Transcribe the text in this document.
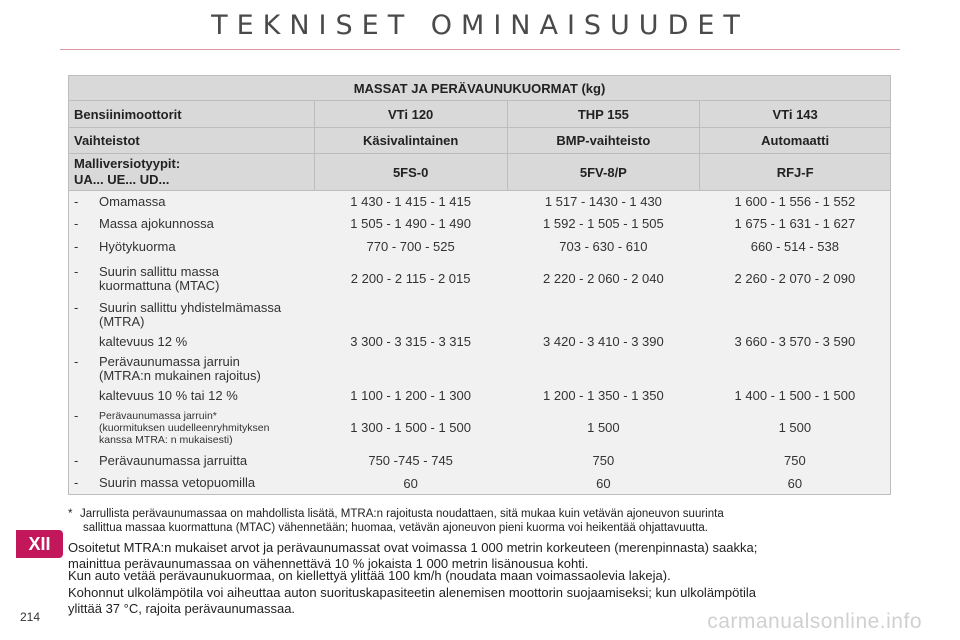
TEKNISET OMINAISUUDET
MASSAT JA PERÄVAUNUKUORMAT (kg)			
Bensiinimoottorit	VTi 120	THP 155	VTi 143
Vaihteistot	Käsivalintainen	BMP-vaihteisto	Automaatti
Malliversiotyypit:
UA... UE... UD...	5FS-0	5FV-8/P	RFJ-F

- Omamassa	1 430 - 1 415 - 1 415	1 517 - 1430 - 1 430	1 600 - 1 556 - 1 552

- Massa ajokunnossa	1 505 - 1 490 - 1 490	1 592 - 1 505 - 1 505	1 675 - 1 631 - 1 627

- Hyötykuorma	770 - 700 - 525	703 - 630 - 610	660 - 514 - 538

- Suurin sallittu massa
kuormattuna (MTAC)	2 200 - 2 115 - 2 015	2 220 - 2 060 - 2 040	2 260 - 2 070 - 2 090

- Suurin sallittu yhdistelmämassa
(MTRA)			

kaltevuus 12 %	3 300 - 3 315 - 3 315	3 420 - 3 410 - 3 390	3 660 - 3 570 - 3 590

- Perävaunumassa jarruin
(MTRA:n mukainen rajoitus)			

kaltevuus 10 % tai 12 %	1 100 - 1 200 - 1 300	1 200 - 1 350 - 1 350	1 400 - 1 500 - 1 500

- Perävaunumassa jarruin*
(kuormituksen uudelleenryhmityksen
kanssa MTRA: n mukaisesti)	1 300 - 1 500 - 1 500	1 500	1 500

- Perävaunumassa jarruitta	750 -745 - 745	750	750

- Suurin massa vetopuomilla	60	60	60
* Jarrullista perävaunumassaa on mahdollista lisätä, MTRA:n rajoitusta noudattaen, sitä mukaa kuin vetävän ajoneuvon suurinta
sallittua massaa kuormattuna (MTAC) vähennetään; huomaa, vetävän ajoneuvon pieni kuorma voi heikentää ohjattavuutta.
Osoitetut MTRA:n mukaiset arvot ja perävaunumassat ovat voimassa 1 000 metrin korkeuteen (merenpinnasta) saakka;
mainittua perävaunumassaa on vähennettävä 10 % jokaista 1 000 metrin lisänousua kohti.
Kun auto vetää perävaunukuormaa, on kiellettyä ylittää 100 km/h (noudata maan voimassaolevia lakeja).
Kohonnut ulkolämpötila voi aiheuttaa auton suorituskapasiteetin alenemisen moottorin suojaamiseksi; kun ulkolämpötila
ylittää 37 °C, rajoita perävaunumassaa.
XII
214	carmanualsonline.info
